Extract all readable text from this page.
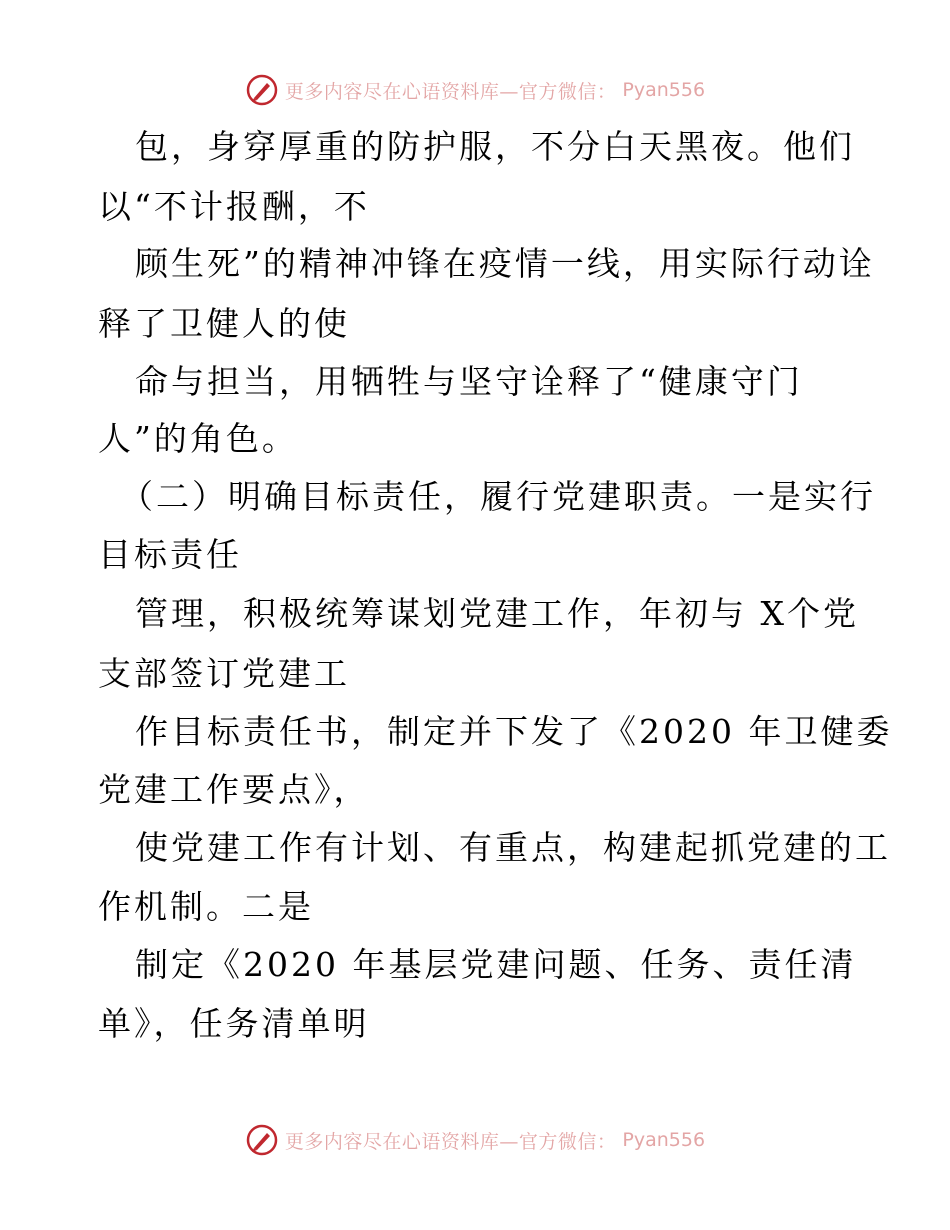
更多内容尽在心语资料库—官方微信： Pyan556
包，身穿厚重的防护服，不分白天黑夜。他们
以“不计报酬，不
顾生死”的精神冲锋在疫情一线，用实际行动诠
释了卫健人的使
命与担当，用牺牲与坚守诠释了“健康守门
人”的角色。
（二）明确目标责任，履行党建职责。一是实行
目标责任
管理，积极统筹谋划党建工作，年初与 X个党
支部签订党建工
作目标责任书，制定并下发了《2020 年卫健委
党建工作要点》，
使党建工作有计划、有重点，构建起抓党建的工
作机制。二是
制定《2020 年基层党建问题、任务、责任清
单》，任务清单明
更多内容尽在心语资料库—官方微信： Pyan556
